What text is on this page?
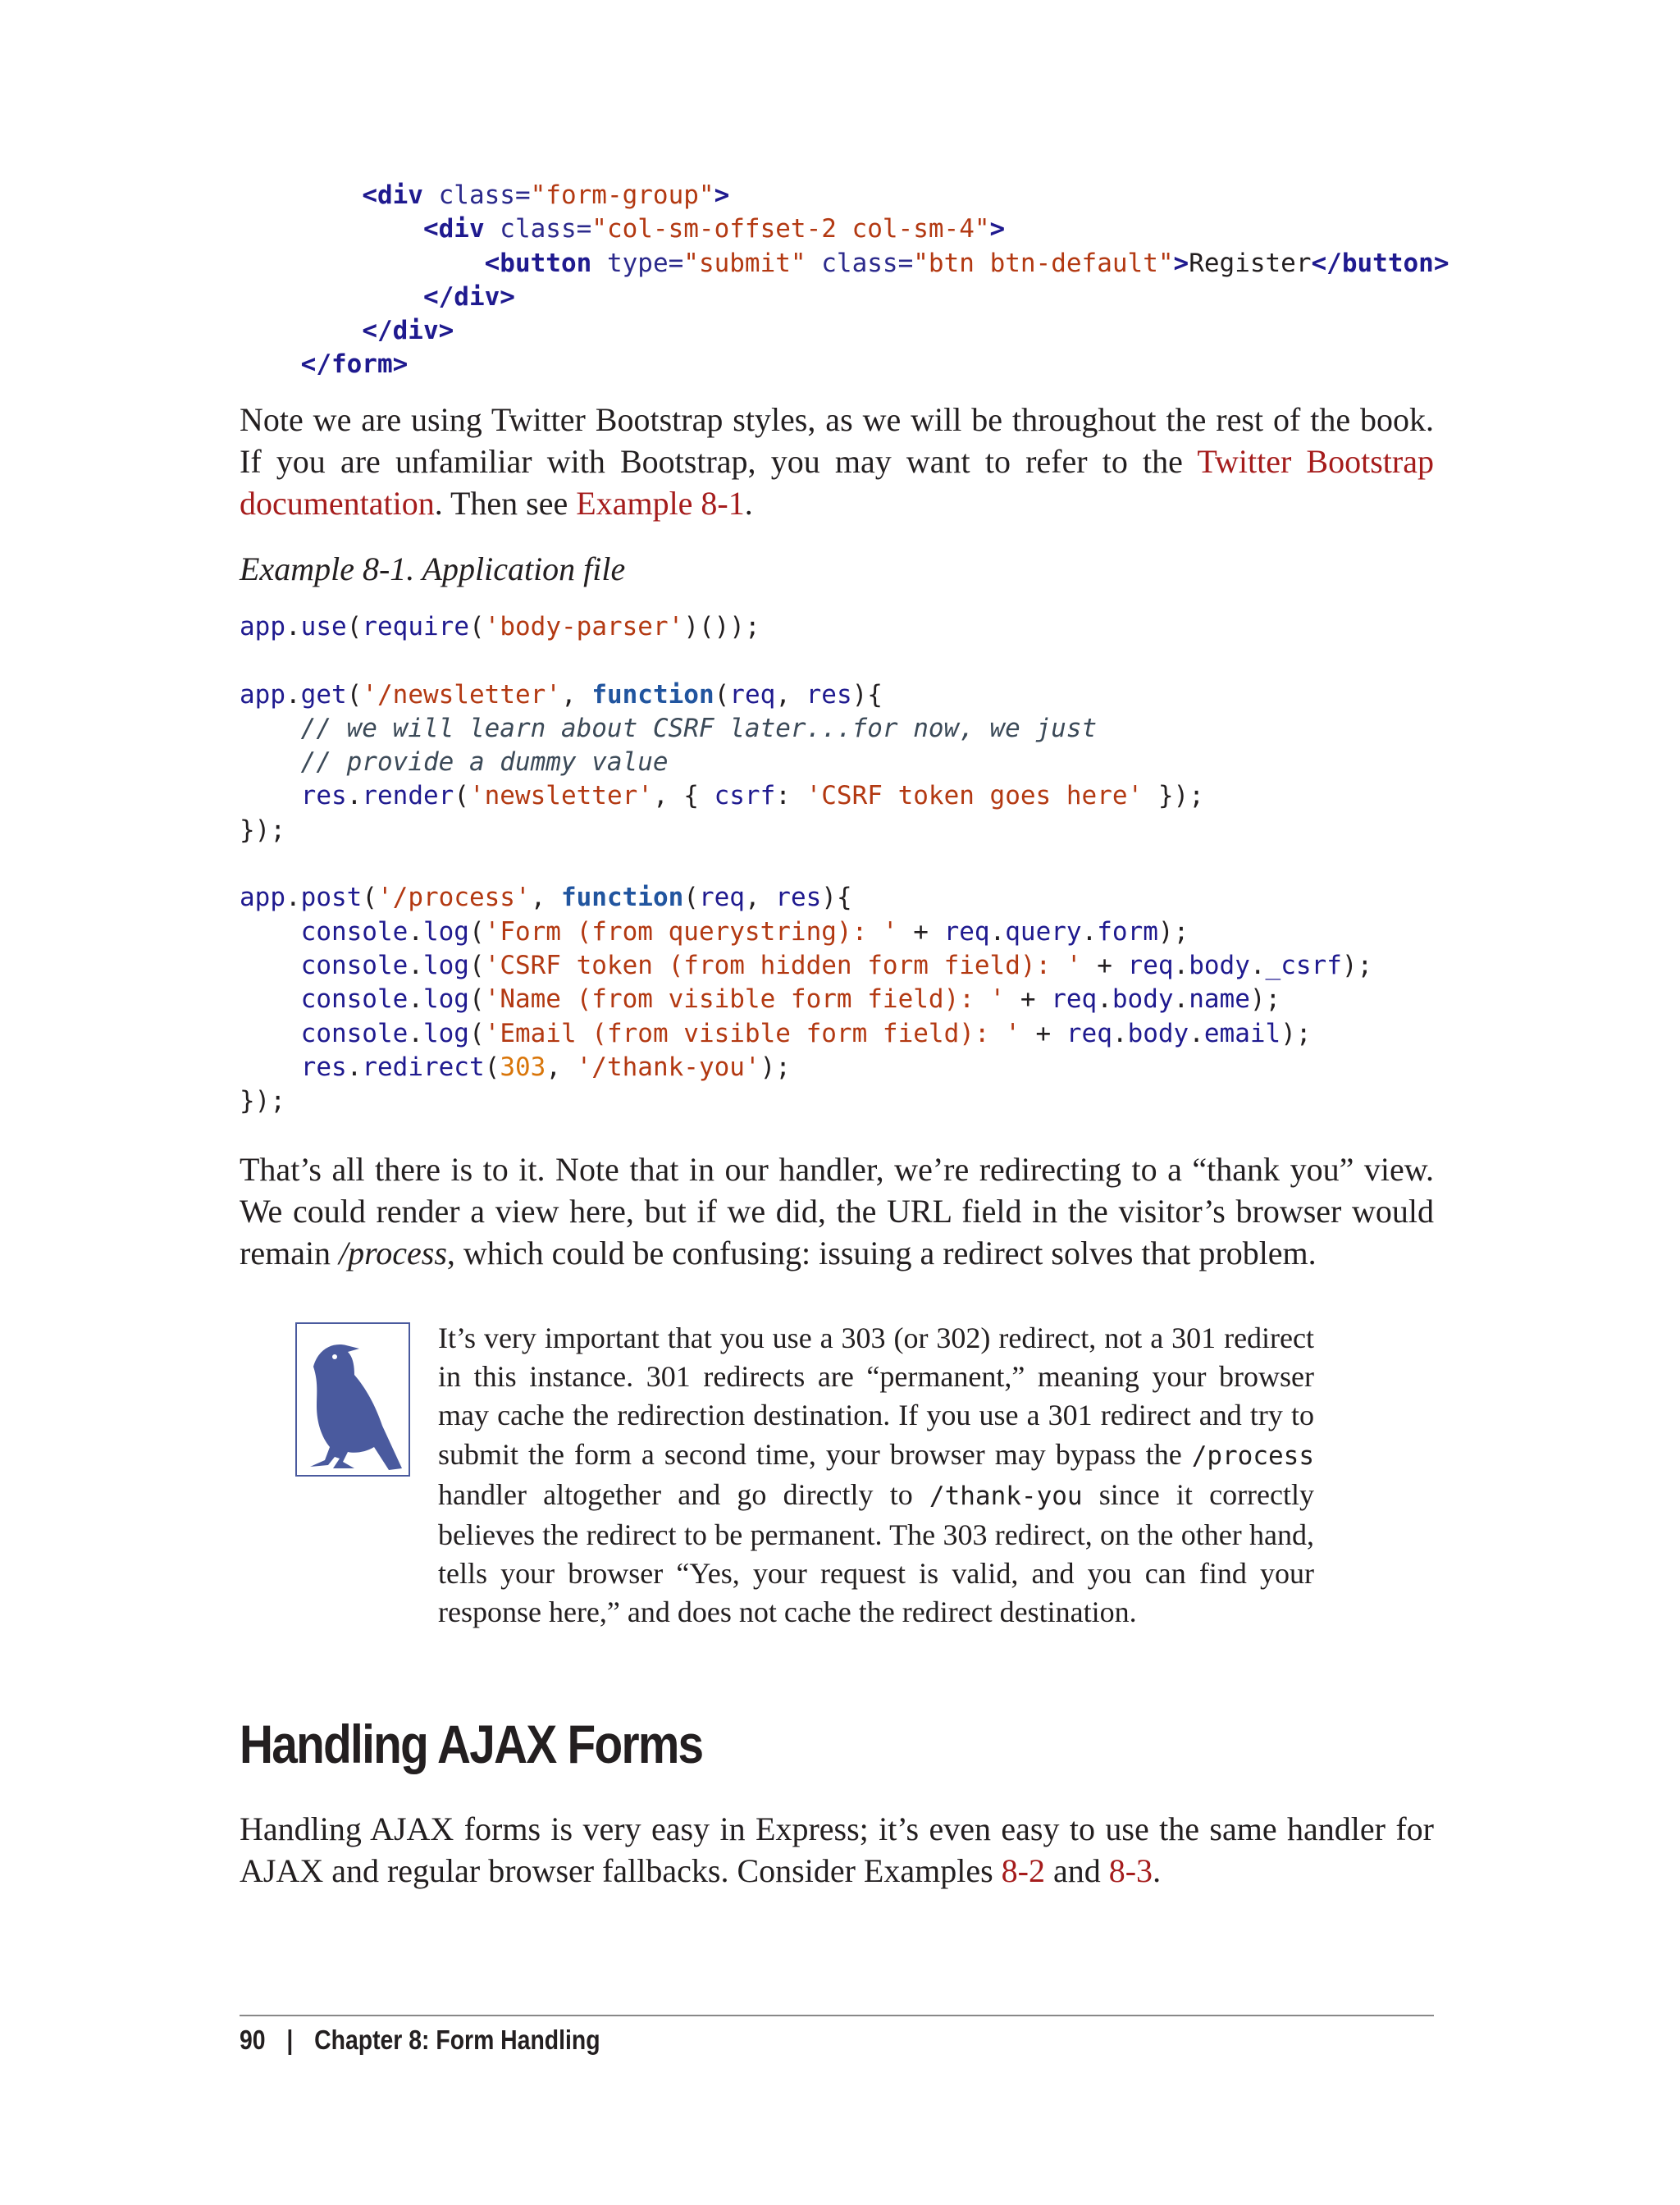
<div class="form-group">
<div class="col-sm-offset-2 col-sm-4">
<button type="submit" class="btn btn-default">Register</button>
</div>
</div>
</form>

Note we are using Twitter Bootstrap styles, as we will be throughout the rest of the book. If you are unfamiliar with Bootstrap, you may want to refer to the Twitter Bootstrap documentation. Then see Example 8-1.

Example 8-1. Application file

app.use(require('body-parser')());

app.get('/newsletter', function(req, res){
// we will learn about CSRF later...for now, we just
// provide a dummy value
res.render('newsletter', { csrf: 'CSRF token goes here' });
});

app.post('/process', function(req, res){
console.log('Form (from querystring): ' + req.query.form);
console.log('CSRF token (from hidden form field): ' + req.body._csrf);
console.log('Name (from visible form field): ' + req.body.name);
console.log('Email (from visible form field): ' + req.body.email);
res.redirect(303, '/thank-you');
});

That’s all there is to it. Note that in our handler, we’re redirecting to a “thank you” view. We could render a view here, but if we did, the URL field in the visitor’s browser would remain /process, which could be confusing: issuing a redirect solves that problem.

It’s very important that you use a 303 (or 302) redirect, not a 301 redirect in this instance. 301 redirects are “permanent,” meaning your browser may cache the redirection destination. If you use a 301 redirect and try to submit the form a second time, your browser may bypass the /process handler altogether and go directly to /thank-you since it correctly believes the redirect to be permanent. The 303 redirect, on the other hand, tells your browser “Yes, your request is valid, and you can find your response here,” and does not cache the redirect destination.

Handling AJAX Forms

Handling AJAX forms is very easy in Express; it’s even easy to use the same handler for AJAX and regular browser fallbacks. Consider Examples 8-2 and 8-3.

90 | Chapter 8: Form Handling
